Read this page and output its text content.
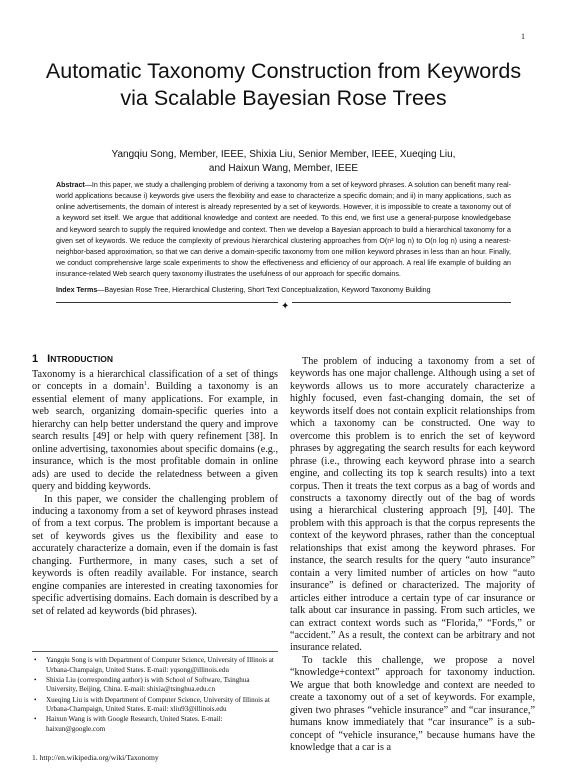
1
Automatic Taxonomy Construction from Keywords via Scalable Bayesian Rose Trees
Yangqiu Song, Member, IEEE, Shixia Liu, Senior Member, IEEE, Xueqing Liu,
and Haixun Wang, Member, IEEE
Abstract—In this paper, we study a challenging problem of deriving a taxonomy from a set of keyword phrases. A solution can benefit many real-world applications because i) keywords give users the flexibility and ease to characterize a specific domain; and ii) in many applications, such as online advertisements, the domain of interest is already represented by a set of keywords. However, it is impossible to create a taxonomy out of a keyword set itself. We argue that additional knowledge and context are needed. To this end, we first use a general-purpose knowledgebase and keyword search to supply the required knowledge and context. Then we develop a Bayesian approach to build a hierarchical taxonomy for a given set of keywords. We reduce the complexity of previous hierarchical clustering approaches from O(n² log n) to O(n log n) using a nearest-neighbor-based approximation, so that we can derive a domain-specific taxonomy from one million keyword phrases in less than an hour. Finally, we conduct comprehensive large scale experiments to show the effectiveness and efficiency of our approach. A real life example of building an insurance-related Web search query taxonomy illustrates the usefulness of our approach for specific domains.
Index Terms—Bayesian Rose Tree, Hierarchical Clustering, Short Text Conceptualization, Keyword Taxonomy Building
✦
1 INTRODUCTION

Taxonomy is a hierarchical classification of a set of things or concepts in a domain$^1$. Building a taxonomy is an essential element of many applications. For example, in web search, organizing domain-specific queries into a hierarchy can help better understand the query and improve search results [49] or help with query refinement [38]. In online advertising, taxonomies about specific domains (e.g., insurance, which is the most profitable domain in online ads) are used to decide the relatedness between a given query and bidding keywords.

In this paper, we consider the challenging problem of inducing a taxonomy from a set of keyword phrases instead of from a text corpus. The problem is important because a set of keywords gives us the flexibility and ease to accurately characterize a domain, even if the domain is fast changing. Furthermore, in many cases, such a set of keywords is often readily available. For instance, search engine companies are interested in creating taxonomies for specific advertising domains. Each domain is described by a set of related ad keywords (bid phrases).

• Yangqiu Song is with Department of Computer Science, University of Illinois at Urbana-Champaign, United States. E-mail: yqsong@illinois.edu
• Shixia Liu (corresponding author) is with School of Software, Tsinghua University, Beijing, China. E-mail: shixia@tsinghua.edu.cn
• Xueqing Liu is with Department of Computer Science, University of Illinois at Urbana-Champaign, United States. E-mail: xliu93@illinois.edu
• Haixun Wang is with Google Research, United States. E-mail: haixun@google.com
1. http://en.wikipedia.org/wiki/Taxonomy

The problem of inducing a taxonomy from a set of keywords has one major challenge. Although using a set of keywords allows us to more accurately characterize a highly focused, even fast-changing domain, the set of keywords itself does not contain explicit relationships from which a taxonomy can be constructed. One way to overcome this problem is to enrich the set of keyword phrases by aggregating the search results for each keyword phrase (i.e., throwing each keyword phrase into a search engine, and collecting its top k search results) into a text corpus. Then it treats the text corpus as a bag of words and constructs a taxonomy directly out of the bag of words using a hierarchical clustering approach [9], [40]. The problem with this approach is that the corpus represents the context of the keyword phrases, rather than the conceptual relationships that exist among the keyword phrases. For instance, the search results for the query “auto insurance” contain a very limited number of articles on how “auto insurance” is defined or characterized. The majority of articles either introduce a certain type of car insurance or talk about car insurance in passing. From such articles, we can extract context words such as “Florida,” “Fords,” or “accident.” As a result, the context can be arbitrary and not insurance related.

To tackle this challenge, we propose a novel “knowledge+context” approach for taxonomy induction. We argue that both knowledge and context are needed to create a taxonomy out of a set of keywords. For example, given two phrases “vehicle insurance” and “car insurance,” humans know immediately that “car insurance” is a sub-concept of “vehicle insurance,” because humans have the knowledge that a car is a
